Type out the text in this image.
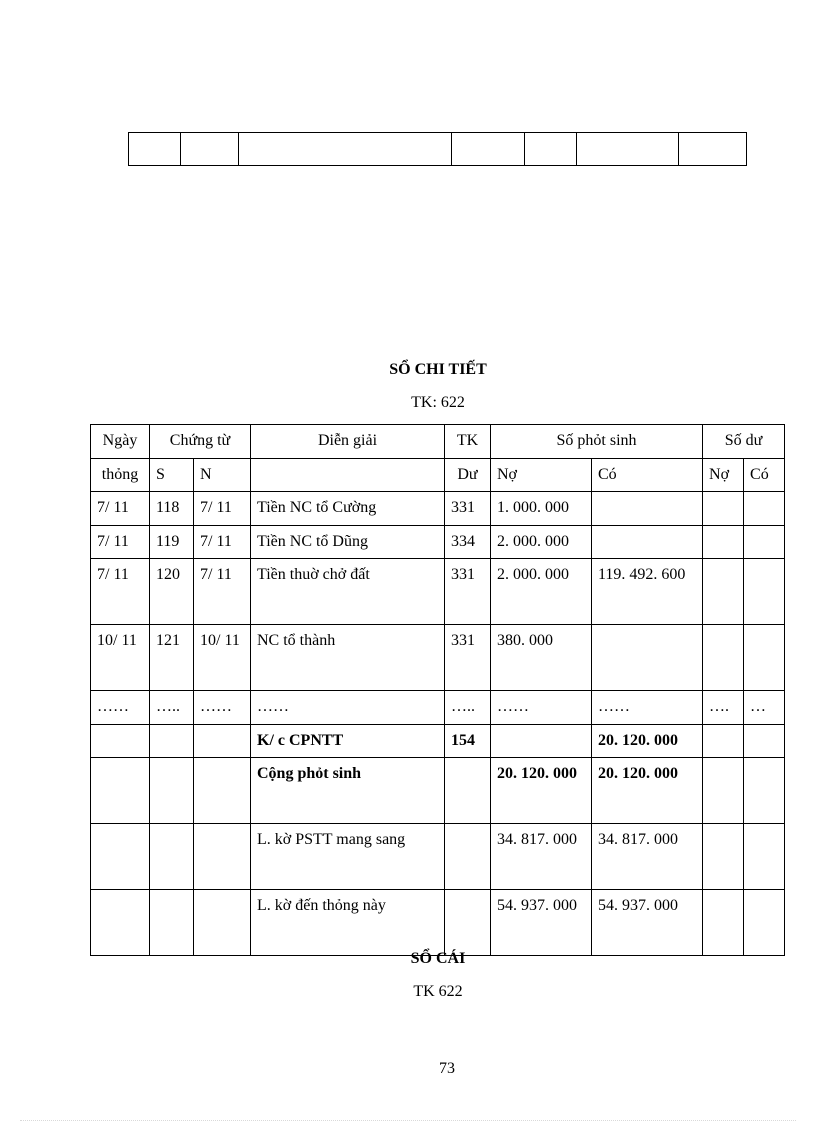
SỔ CHI TIẾT
TK: 622
Ngày	Chứng từ		Diễn giải	TK	Số phỏt sinh		Số dư	
thỏng	S	N		Dư	Nợ	Có	Nợ	Có
7/ 11	118	7/ 11	Tiền NC tổ Cường	331	1. 000. 000			
7/ 11	119	7/ 11	Tiền NC tổ Dũng	334	2. 000. 000			
7/ 11	120	7/ 11	Tiền thuờ chở đất	331	2. 000. 000	119. 492. 600		
10/ 11	121	10/ 11	NC tổ thành	331	380. 000			
……	…..	……	……	…..	……	……	….	…
			K/ c CPNTT	154		20. 120. 000		
			Cộng phỏt sinh		20. 120. 000	20. 120. 000		
			L. kờ PSTT mang sang		34. 817. 000	34. 817. 000		
			L. kờ đến thỏng này		54. 937. 000	54. 937. 000		
SỔ CÁI
TK 622
73
